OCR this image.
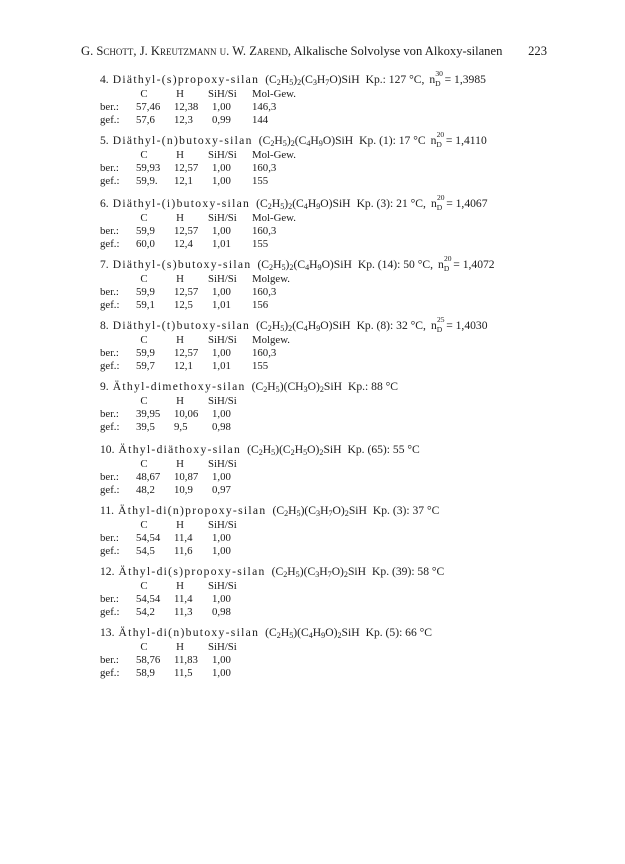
G. Schott, J. Kreutzmann u. W. Zarend, Alkalische Solvolyse von Alkoxy-silanen 223
4. Diäthyl-(s)propoxy-silan $(C_2H_5)_2(C_3H_7O)SiH$ Kp.: 127 °C, n 30
$_D$ = 1,3985
C	H	SiH/Si	Mol-Gew.
ber.: 57,46 12,38 1,00 146,3
gef.: 57,6 12,3 0,99 144
5. Diäthyl-(n)butoxy-silan $(C_2H_5)_2(C_4H_9O)SiH$ Kp. (1): 17 °C n 20
$_D$ = 1,4110
C	H	SiH/Si	Mol-Gew.
ber.: 59,93 12,57 1,00 160,3
gef.: 59,9. 12,1 1,00 155
6. Diäthyl-(i)butoxy-silan $(C_2H_5)_2(C_4H_9O)SiH$ Kp. (3): 21 °C, n 20
$_D$ = 1,4067
C	H	SiH/Si	Mol-Gew.
ber.: 59,9 12,57 1,00 160,3
gef.: 60,0 12,4 1,01 155
7. Diäthyl-(s)butoxy-silan $(C_2H_5)_2(C_4H_9O)SiH$ Kp. (14): 50 °C, n 20
$_D$ = 1,4072
C	H	SiH/Si	Molgew.
ber.: 59,9 12,57 1,00 160,3
gef.: 59,1 12,5 1,01 156
8. Diäthyl-(t)butoxy-silan $(C_2H_5)_2(C_4H_9O)SiH$ Kp. (8): 32 °C, n 25
$_D$ = 1,4030
C	H	SiH/Si	Molgew.
ber.: 59,9 12,57 1,00 160,3
gef.: 59,7 12,1 1,01 155
9. Äthyl-dimethoxy-silan $(C_2H_5)(CH_3O)_2SiH$ Kp.: 88 °C
C	H	SiH/Si
ber.: 39,95 10,06 1,00
gef.: 39,5 9,5 0,98
10. Äthyl-diäthoxy-silan $(C_2H_5)(C_2H_5O)_2SiH$ Kp. (65): 55 °C
C	H	SiH/Si
ber.: 48,67 10,87 1,00
gef.: 48,2 10,9 0,97
11. Äthyl-di(n)propoxy-silan $(C_2H_5)(C_3H_7O)_2SiH$ Kp. (3): 37 °C
C	H	SiH/Si
ber.: 54,54 11,4 1,00
gef.: 54,5 11,6 1,00
12. Äthyl-di(s)propoxy-silan $(C_2H_5)(C_3H_7O)_2SiH$ Kp. (39): 58 °C
C	H	SiH/Si
ber.: 54,54 11,4 1,00
gef.: 54,2 11,3 0,98
13. Äthyl-di(n)butoxy-silan $(C_2H_5)(C_4H_9O)_2SiH$ Kp. (5): 66 °C
C	H	SiH/Si
ber.: 58,76 11,83 1,00
gef.: 58,9 11,5 1,00
